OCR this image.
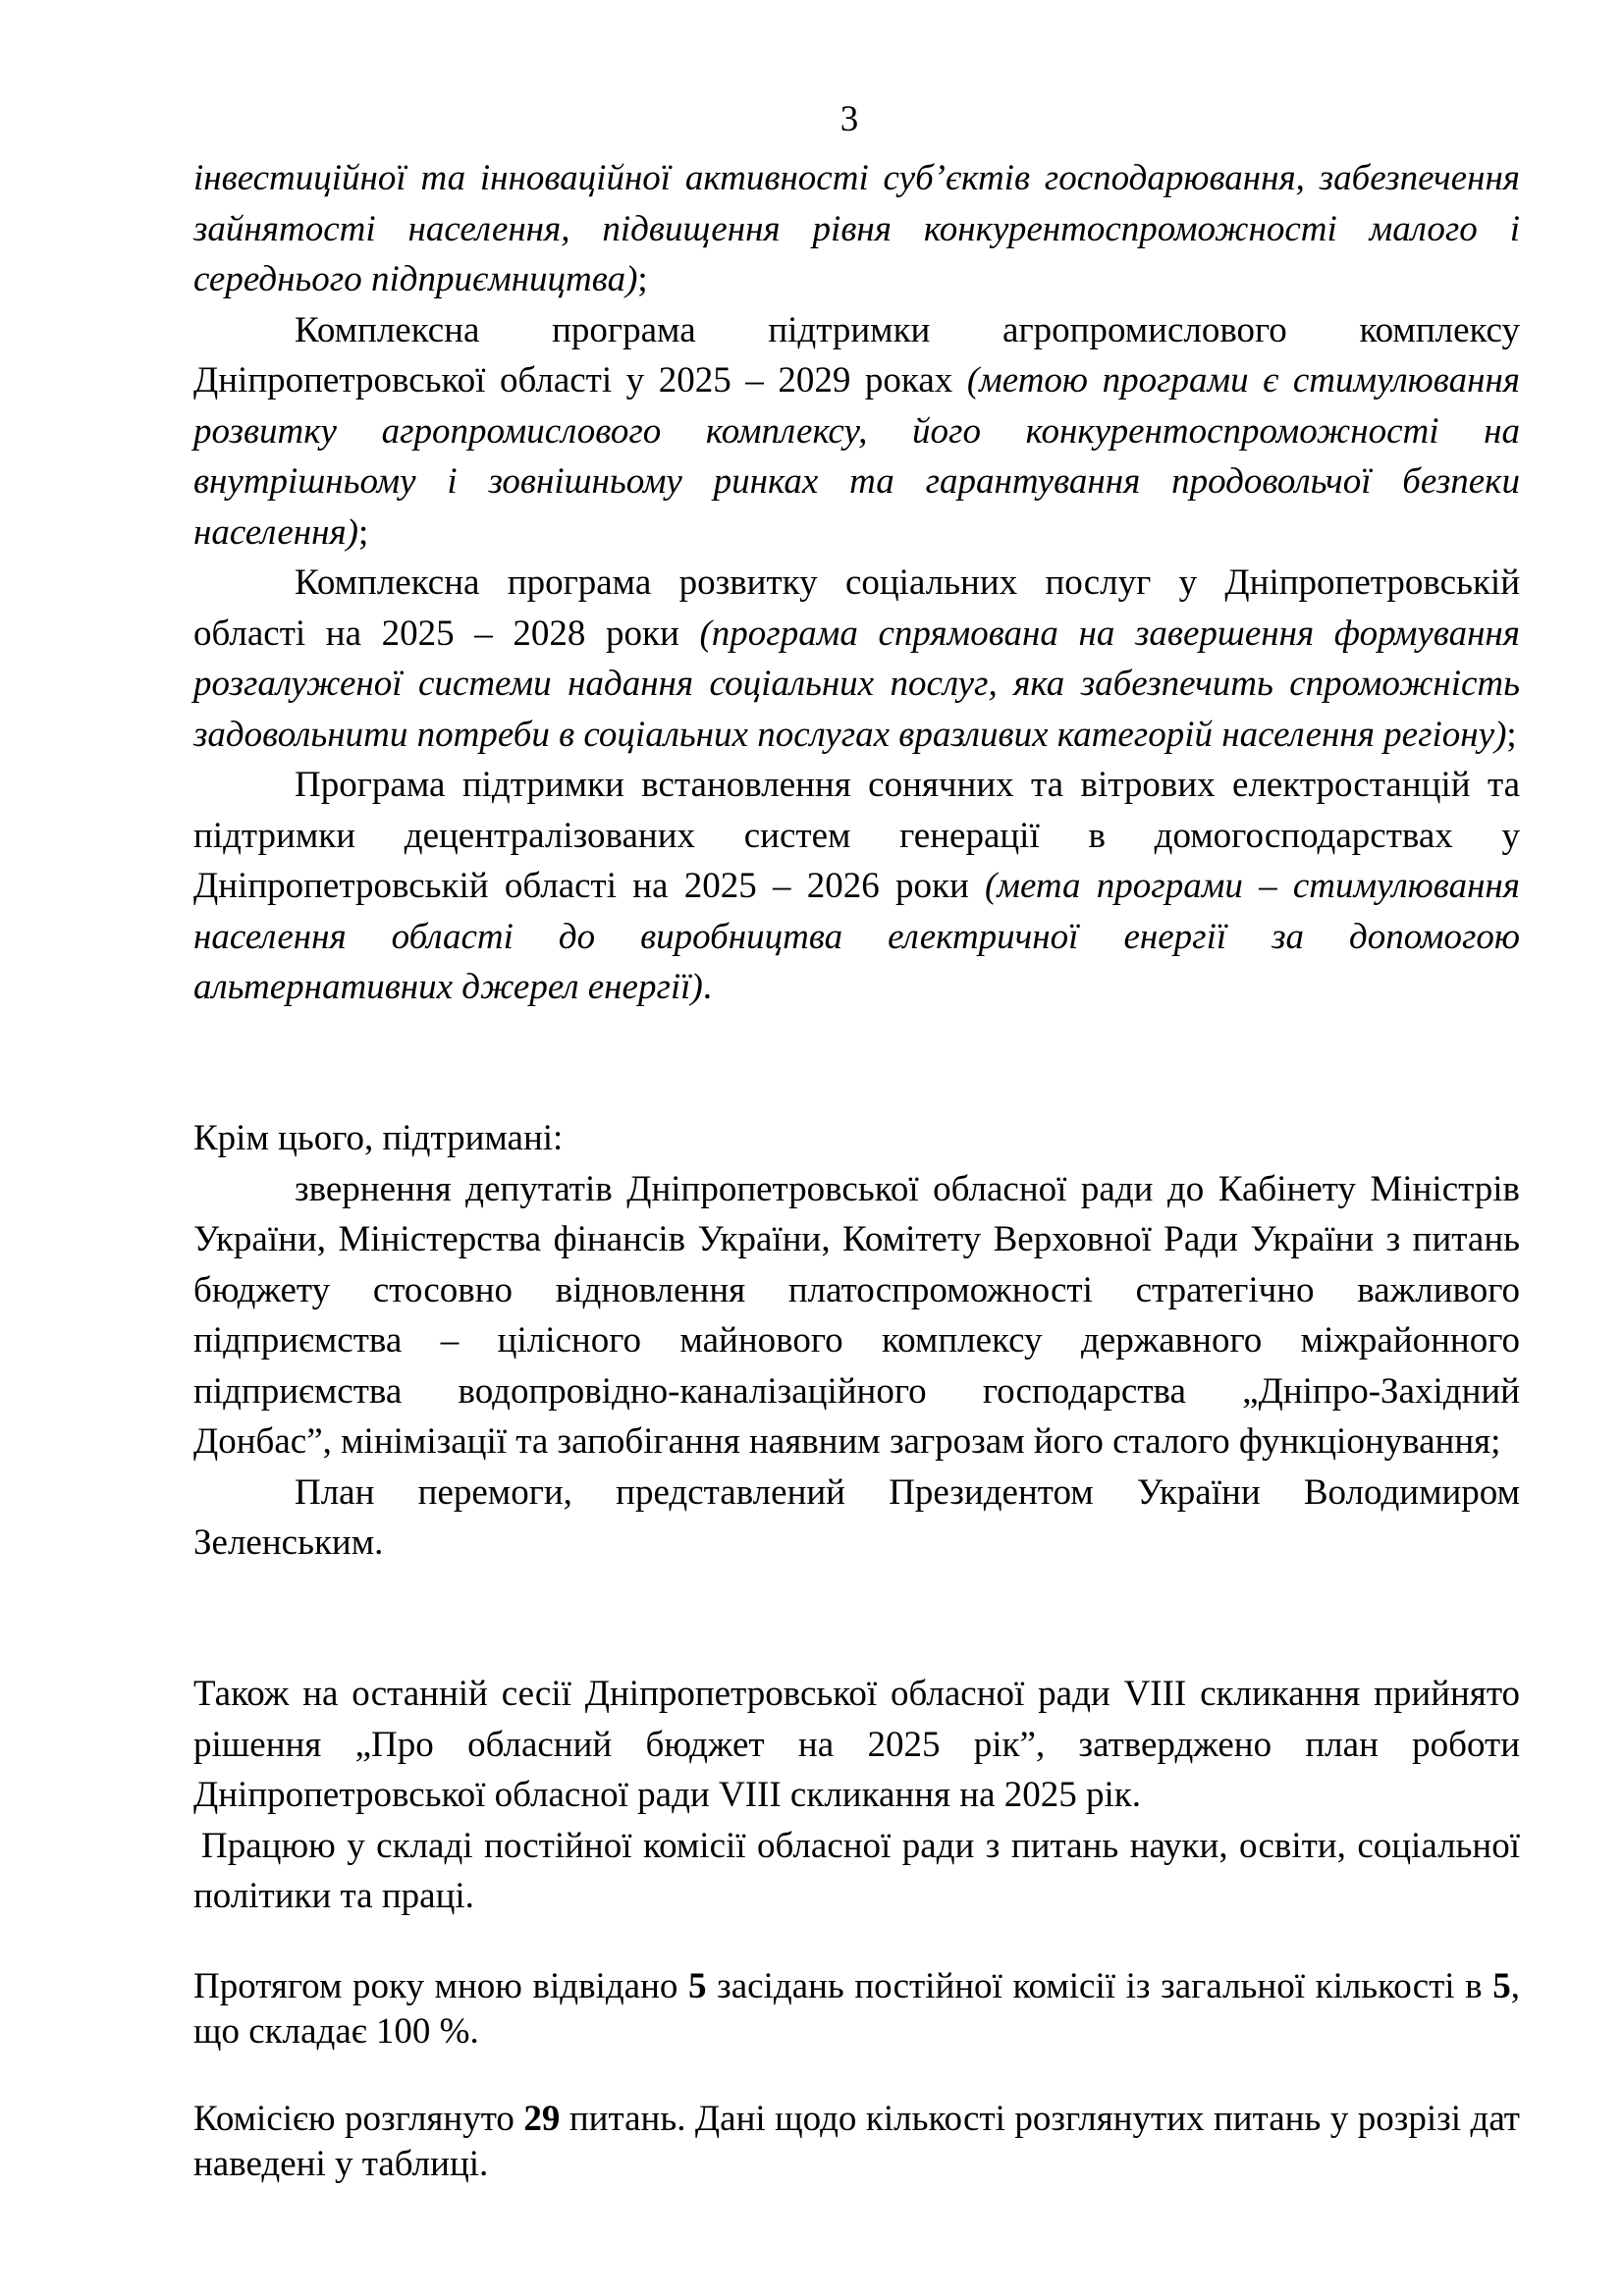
3

інвестиційної та інноваційної активності суб’єктів господарювання, забезпечення зайнятості населення, підвищення рівня конкурентоспроможності малого і середнього підприємництва);

Комплексна програма підтримки агропромислового комплексу Дніпропетровської області у 2025 – 2029 роках (метою програми є стимулювання розвитку агропромислового комплексу, його конкурентоспроможності на внутрішньому і зовнішньому ринках та гарантування продовольчої безпеки населення);

Комплексна програма розвитку соціальних послуг у Дніпропетровській області на 2025 – 2028 роки (програма спрямована на завершення формування розгалуженої системи надання соціальних послуг, яка забезпечить спроможність задовольнити потреби в соціальних послугах вразливих категорій населення регіону);

Програма підтримки встановлення сонячних та вітрових електростанцій та підтримки децентралізованих систем генерації в домогосподарствах у Дніпропетровській області на 2025 – 2026 роки (мета програми – стимулювання населення області до виробництва електричної енергії за допомогою альтернативних джерел енергії).

Крім цього, підтримані:

звернення депутатів Дніпропетровської обласної ради до Кабінету Міністрів України, Міністерства фінансів України, Комітету Верховної Ради України з питань бюджету стосовно відновлення платоспроможності стратегічно важливого підприємства – цілісного майнового комплексу державного міжрайонного підприємства водопровідно-каналізаційного господарства „Дніпро-Західний Донбас”, мінімізації та запобігання наявним загрозам його сталого функціонування;

План перемоги, представлений Президентом України Володимиром Зеленським.

Також на останній сесії Дніпропетровської обласної ради VIII скликання прийнято рішення „Про обласний бюджет на 2025 рік”, затверджено план роботи Дніпропетровської обласної ради VIII скликання на 2025 рік.

Працюю у складі постійної комісії обласної ради з питань науки, освіти, соціальної політики та праці.

Протягом року мною відвідано 5 засідань постійної комісії із загальної кількості в 5, що складає 100 %.

Комісією розглянуто 29 питань. Дані щодо кількості розглянутих питань у розрізі дат наведені у таблиці.
